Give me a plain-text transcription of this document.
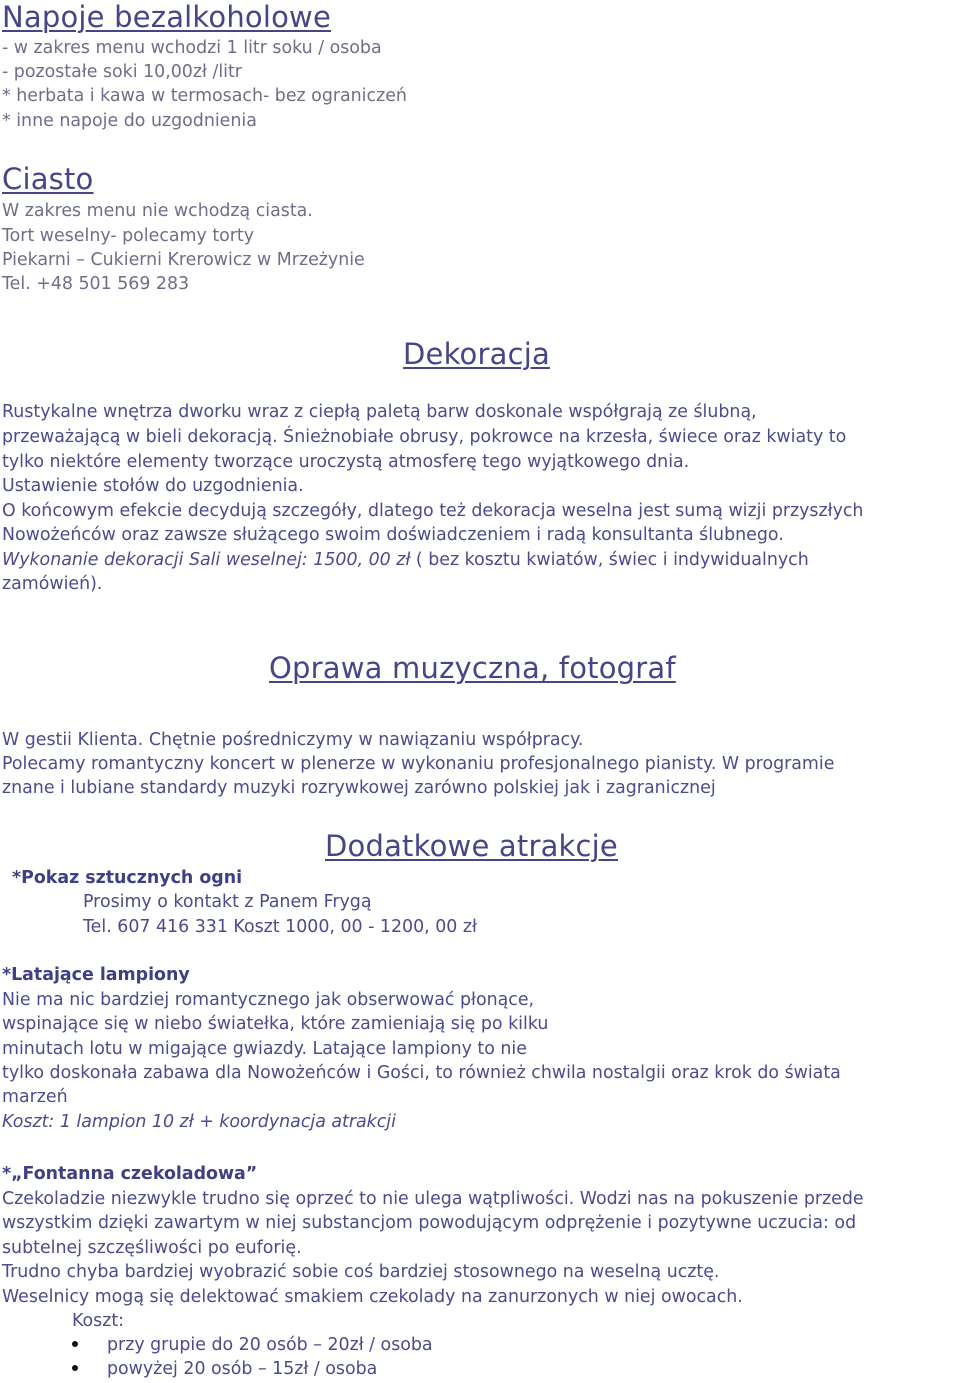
Napoje bezalkoholowe
- w zakres menu wchodzi 1 litr soku / osoba
- pozostałe soki 10,00zł /litr
* herbata i kawa w termosach- bez ograniczeń
* inne napoje do uzgodnienia
Ciasto
W zakres menu nie wchodzą ciasta.
Tort weselny- polecamy torty
Piekarni – Cukierni Krerowicz w Mrzeżynie
Tel. +48 501 569 283
Dekoracja
Rustykalne wnętrza dworku wraz z ciepłą paletą barw doskonale współgrają ze ślubną,
przeważającą w bieli dekoracją. Śnieżnobiałe obrusy, pokrowce na krzesła, świece oraz kwiaty to
tylko niektóre elementy tworzące uroczystą atmosferę tego wyjątkowego dnia.
Ustawienie stołów do uzgodnienia.
O końcowym efekcie decydują szczegóły, dlatego też dekoracja weselna jest sumą wizji przyszłych
Nowożeńców oraz zawsze służącego swoim doświadczeniem i radą konsultanta ślubnego.
Wykonanie dekoracji Sali weselnej: 1500, 00 zł ( bez kosztu kwiatów, świec i indywidualnych
zamówień).
Oprawa muzyczna, fotograf
W gestii Klienta. Chętnie pośredniczymy w nawiązaniu współpracy.
Polecamy romantyczny koncert w plenerze w wykonaniu profesjonalnego pianisty. W programie
znane i lubiane standardy muzyki rozrywkowej zarówno polskiej jak i zagranicznej
Dodatkowe atrakcje
*Pokaz sztucznych ogni
Prosimy o kontakt z Panem Frygą
Tel. 607 416 331 Koszt 1000, 00 - 1200, 00 zł
*Latające lampiony
Nie ma nic bardziej romantycznego jak obserwować płonące,
wspinające się w niebo światełka, które zamieniają się po kilku
minutach lotu w migające gwiazdy. Latające lampiony to nie
tylko doskonała zabawa dla Nowożeńców i Gości, to również chwila nostalgii oraz krok do świata
marzeń
Koszt: 1 lampion 10 zł + koordynacja atrakcji
*„Fontanna czekoladowa”
Czekoladzie niezwykle trudno się oprzeć to nie ulega wątpliwości. Wodzi nas na pokuszenie przede
wszystkim dzięki zawartym w niej substancjom powodującym odprężenie i pozytywne uczucia: od
subtelnej szczęśliwości po euforię.
Trudno chyba bardziej wyobrazić sobie coś bardziej stosownego na weselną ucztę.
Weselnicy mogą się delektować smakiem czekolady na zanurzonych w niej owocach.
Koszt:
przy grupie do 20 osób – 20zł / osoba
powyżej 20 osób – 15zł / osoba
